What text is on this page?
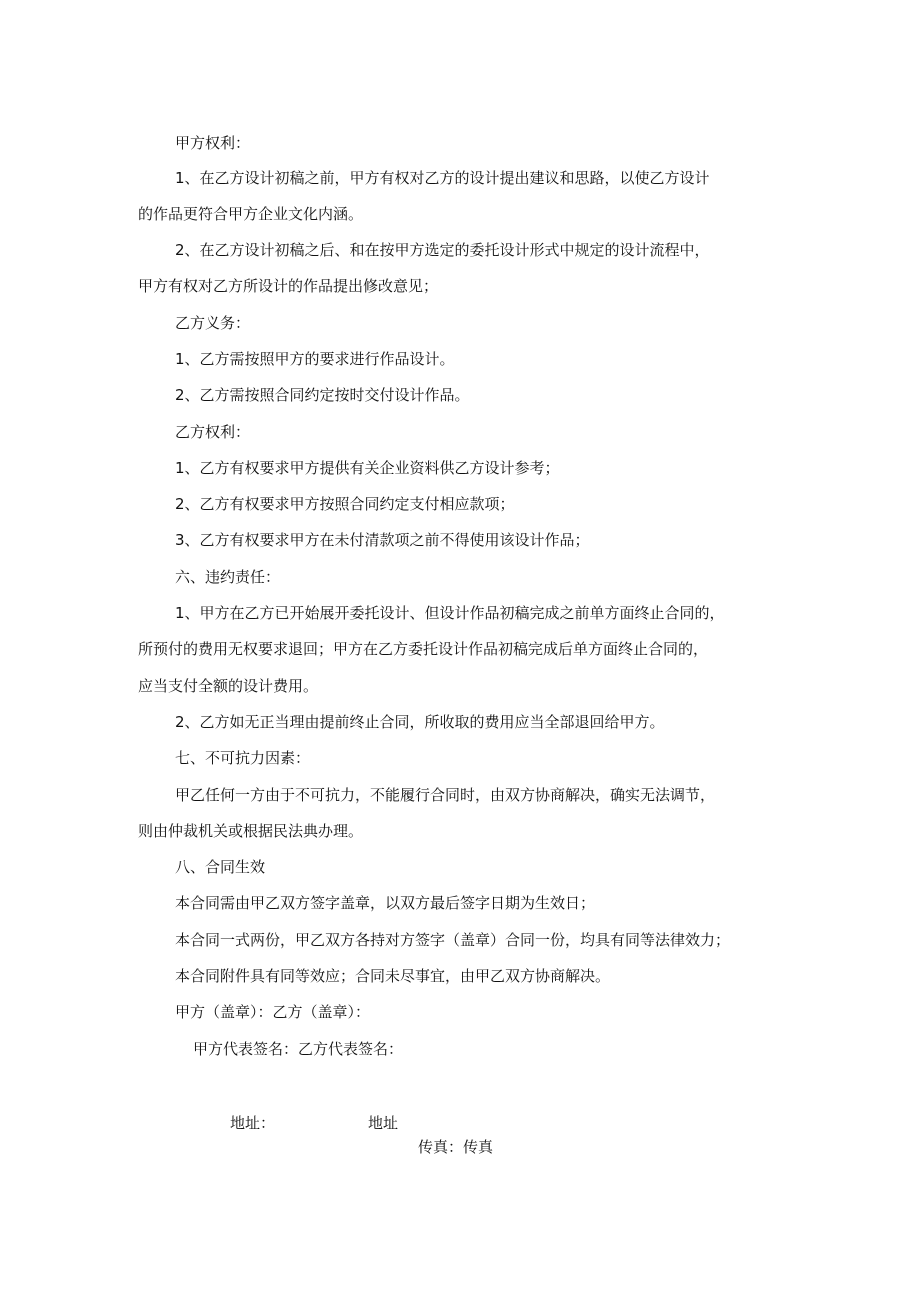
甲方权利：
1、在乙方设计初稿之前，甲方有权对乙方的设计提出建议和思路，以使乙方设计
的作品更符合甲方企业文化内涵。
2、在乙方设计初稿之后、和在按甲方选定的委托设计形式中规定的设计流程中，
甲方有权对乙方所设计的作品提出修改意见；
乙方义务：
1、乙方需按照甲方的要求进行作品设计。
2、乙方需按照合同约定按时交付设计作品。
乙方权利：
1、乙方有权要求甲方提供有关企业资料供乙方设计参考；
2、乙方有权要求甲方按照合同约定支付相应款项；
3、乙方有权要求甲方在未付清款项之前不得使用该设计作品；
六、违约责任：
1、甲方在乙方已开始展开委托设计、但设计作品初稿完成之前单方面终止合同的，
所预付的费用无权要求退回；甲方在乙方委托设计作品初稿完成后单方面终止合同的，
应当支付全额的设计费用。
2、乙方如无正当理由提前终止合同，所收取的费用应当全部退回给甲方。
七、不可抗力因素：
甲乙任何一方由于不可抗力，不能履行合同时，由双方协商解决，确实无法调节，
则由仲裁机关或根据民法典办理。
八、合同生效
本合同需由甲乙双方签字盖章，以双方最后签字日期为生效日；
本合同一式两份，甲乙双方各持对方签字（盖章）合同一份，均具有同等法律效力；
本合同附件具有同等效应；合同未尽事宜，由甲乙双方协商解决。
甲方（盖章）：乙方（盖章）：
甲方代表签名：乙方代表签名：
地址：	地址
传真：传真
